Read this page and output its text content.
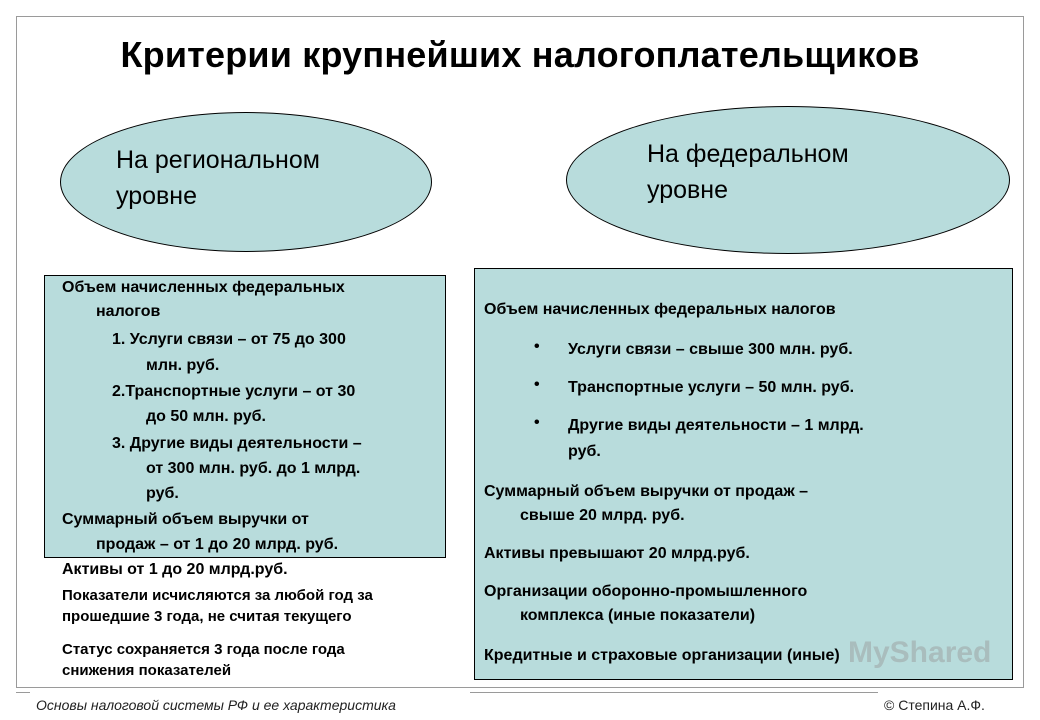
Критерии крупнейших налогоплательщиков
На региональном
уровне
На федеральном
уровне
Объем начисленных федеральных
налогов
1. Услуги связи – от 75 до 300
млн. руб.
2.Транспортные услуги – от 30
до 50 млн. руб.
3. Другие виды деятельности –
от 300 млн. руб. до 1 млрд.
руб.
Суммарный объем выручки от
продаж – от 1 до 20 млрд. руб.
Активы от 1 до 20 млрд.руб.
Показатели исчисляются за любой год за
прошедшие 3 года, не считая текущего
Статус сохраняется 3 года после года
снижения показателей
Объем начисленных федеральных налогов
• Услуги связи – свыше 300 млн. руб.
• Транспортные услуги – 50 млн. руб.
• Другие виды деятельности – 1 млрд.
руб.
Суммарный объем выручки от продаж –
свыше 20 млрд. руб.
Активы превышают 20 млрд.руб.
Организации оборонно-промышленного
комплекса (иные показатели)
Кредитные и страховые организации (иные) MyShared
Основы налоговой системы РФ и ее характеристика	© Степина А.Ф.
